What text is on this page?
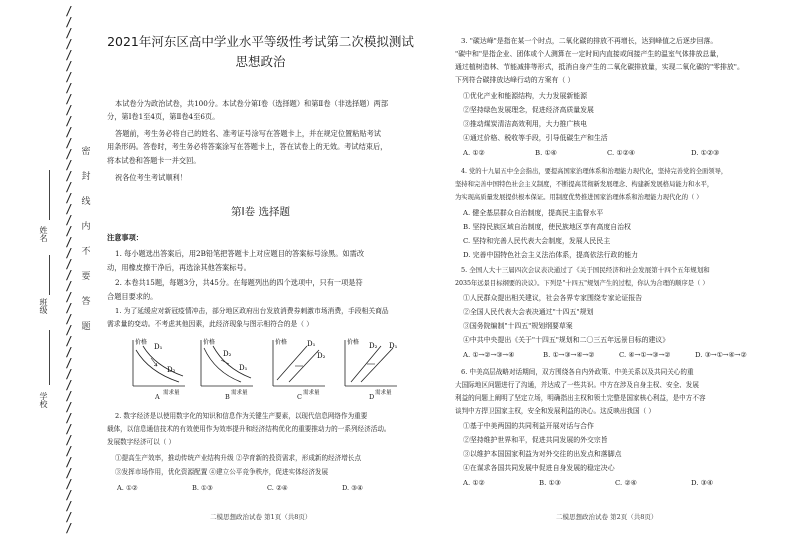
/
/
/
/
/
/
/
/
/
/
/
/
/
/
/
/
/
/
/
/
/
/
/
/
/
/
/
/
/
/
/
/
/
/
/
/
/
/
/
/
/
/
/
/
/
/
/
/

姓名
班级
学校
密
封
线
内
不
要
答
题
2021年河东区高中学业水平等级性考试第二次模拟测试
思想政治

本试卷分为政治试卷，共100分。本试卷分第Ⅰ卷（选择题）和第Ⅱ卷（非选择题）两部

分，第Ⅰ卷1至4页，第Ⅱ卷4至6页。

答题前，考生务必将自己的姓名、准考证号涂写在答题卡上，并在规定位置粘贴考试

用条形码。答卷时，考生务必将答案涂写在答题卡上，答在试卷上的无效。考试结束后，

将本试卷和答题卡一并交回。

祝各位考生考试顺利！

注意事项：

1. 每小题选出答案后，用2B铅笔把答题卡上对应题目的答案标号涂黑。如需改

动，用橡皮擦干净后，再选涂其他答案标号。

2. 本卷共15题，每题3分，共45分。在每题列出的四个选项中，只有一项是符

合题目要求的。

1. 为了延缓应对新冠疫情冲击，部分地区政府出台发放消费券刺激市场消费，手段相关商品

需求量的变动。不考虑其他因素，此经济现象与图示相符合的是（ ）

2. 数字经济是以使用数字化的知识和信息作为关键生产要素，以现代信息网络作为重要

载体，以信息通信技术的有效使用作为效率提升和经济结构优化的重要推动力的一系列经济活动。

发展数字经济可以（ ）

①提高生产效率，推动传统产业结构升级 ②孕育新的投资需求，形成新的经济增长点

③发挥市场作用，优化资源配置 ④建立公平竞争秩序，促进实体经济发展

A. ①②	B. ①③	C. ②④	D. ③④

第Ⅰ卷 选择题
价格
D₁
D₂
需求量
价格
D₂
D₁
需求量
价格	D₁
D₂
需求量
价格 D₂ D₁
需求量
A	B	C	D
二模思想政治试卷 第1页（共8页）

3. "碳达峰"是指在某一个时点，二氧化碳的排放不再增长，达到峰值之后逐步回落。

"碳中和"是指企业、团体或个人测算在一定时间内直接或间接产生的温室气体排放总量，

通过植树造林、节能减排等形式，抵消自身产生的二氧化碳排放量，实现二氧化碳的"零排放"。

下列符合碳排放达峰行动的方案有（ ）

①优化产业和能源结构，大力发展新能源

②坚持绿色发展理念，促进经济高质量发展

③推动煤炭清洁高效利用，大力推广核电

④通过价格、税收等手段，引导低碳生产和生活

A. ①②	B. ①④	C. ①②④	D. ①②③

4. 党的十九届五中全会指出，要提高国家治理体系和治理能力现代化，坚持完善党的全面领导，

坚持和完善中国特色社会主义制度，不断提高贯彻新发展理念、构建新发展格局能力和水平，

为实现高质量发展提供根本保证。用制度优势推进国家治理体系和治理能力现代化的（ ）

A. 健全基层群众自治制度，提高民主监督水平

B. 坚持民族区域自治制度，使民族地区享有高度自治权

C. 坚持和完善人民代表大会制度，发展人民民主

D. 完善中国特色社会主义法治体系，提高依法行政的能力

5. 全国人大十三届四次会议表决通过了《关于国民经济和社会发展第十四个五年规划和

2035年远景目标纲要的决议》。下列是"十四五"规划产生的过程，你认为合理的顺序是（ ）

①人民群众提出相关建议，社会各界专家围绕专家论证报告

②全国人民代表大会表决通过"十四五"规划

③国务院编制"十四五"规划纲要草案

④中共中央提出《关于"十四五"规划和二〇三五年远景目标的建议》

A. ①→②→③→④	B. ①→③→④→②	C. ④→①→③→②	D. ③→①→④→②

6. 中美高层战略对话期间，双方围绕各自内外政策、中美关系以及共同关心的重

大国际地区问题进行了沟通，并达成了一些共识。中方在涉及自身主权、安全、发展

利益的问题上阐明了坚定立场，明确指出主权和领土完整是国家核心利益，是中方不容

谈判中方捍卫国家主权，安全和发展利益的决心。这反映出我国（ ）

①基于中美两国的共同利益开展对话与合作

②坚持维护世界和平，促进共同发展的外交宗旨

③以维护本国国家利益为对外交往的出发点和落脚点

④在谋求各国共同发展中促进自身发展的稳定决心

A. ①②	B. ①③	C. ②④	D. ③④

二模思想政治试卷 第2页（共8页）
